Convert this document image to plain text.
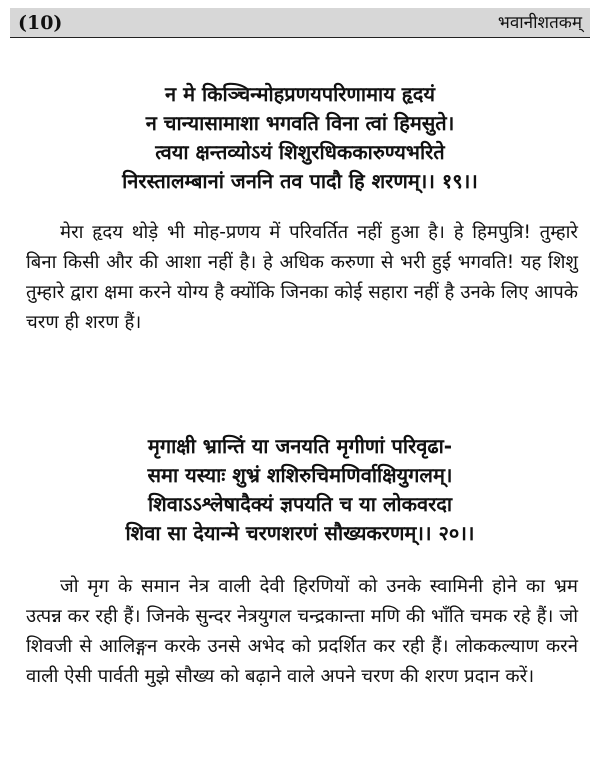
(10)	भवानीशतकम्
न मे किञ्चिन्मोहप्रणयपरिणामाय हृदयं
न चान्यासामाशा भगवति विना त्वां हिमसुते।
त्वया क्षन्तव्योऽयं शिशुरधिककारुण्यभरिते
निरस्तालम्बानां जननि तव पादौ हि शरणम्।। १९।।

मेरा हृदय थोड़े भी मोह-प्रणय में परिवर्तित नहीं हुआ है। हे हिमपुत्रि! तुम्हारे बिना किसी और की आशा नहीं है। हे अधिक करुणा से भरी हुई भगवति! यह शिशु तुम्हारे द्वारा क्षमा करने योग्य है क्योंकि जिनका कोई सहारा नहीं है उनके लिए आपके चरण ही शरण हैं।

मृगाक्षी भ्रान्तिं या जनयति मृगीणां परिवृढा-
समा यस्याः शुभ्रं शशिरुचिमणिर्वाक्षियुगलम्।
शिवाऽऽश्लेषादैक्यं ज्ञपयति च या लोकवरदा
शिवा सा देयान्मे चरणशरणं सौख्यकरणम्।। २०।।

जो मृग के समान नेत्र वाली देवी हिरणियों को उनके स्वामिनी होने का भ्रम उत्पन्न कर रही हैं। जिनके सुन्दर नेत्रयुगल चन्द्रकान्ता मणि की भाँति चमक रहे हैं। जो शिवजी से आलिङ्गन करके उनसे अभेद को प्रदर्शित कर रही हैं। लोककल्याण करने वाली ऐसी पार्वती मुझे सौख्य को बढ़ाने वाले अपने चरण की शरण प्रदान करें।
